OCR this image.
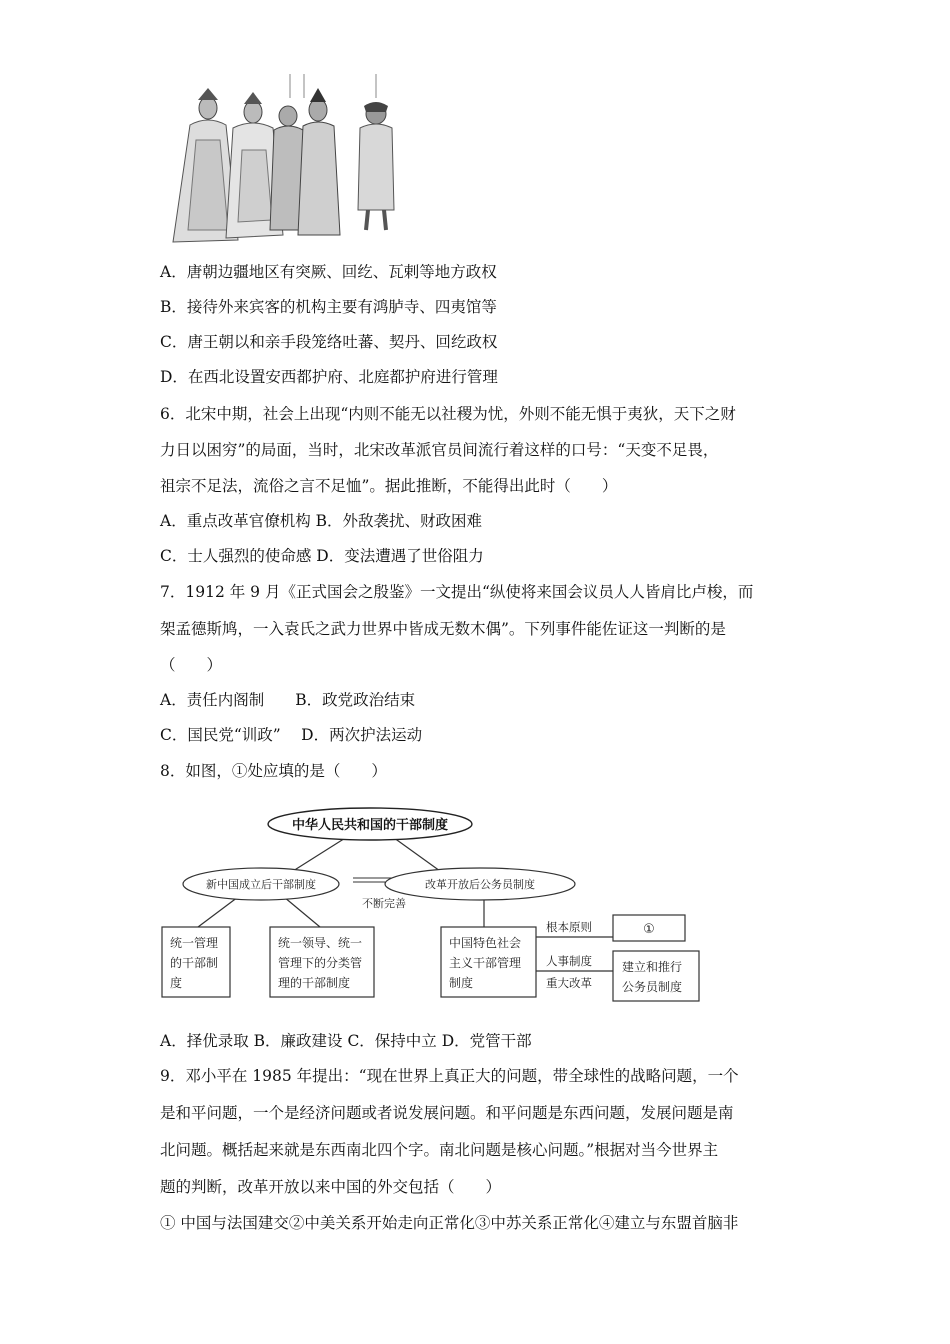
A．唐朝边疆地区有突厥、回纥、瓦剌等地方政权
B．接待外来宾客的机构主要有鸿胪寺、四夷馆等
C．唐王朝以和亲手段笼络吐蕃、契丹、回纥政权
D．在西北设置安西都护府、北庭都护府进行管理
6．北宋中期，社会上出现“内则不能无以社稷为忧，外则不能无惧于夷狄，天下之财
力日以困穷”的局面，当时，北宋改革派官员间流行着这样的口号：“天变不足畏，
祖宗不足法，流俗之言不足恤”。据此推断，不能得出此时（　　）
A．重点改革官僚机构 B．外敌袭扰、财政困难
C．士人强烈的使命感 D．变法遭遇了世俗阻力
7．1912 年 9 月《正式国会之殷鉴》一文提出“纵使将来国会议员人人皆肩比卢梭，而
架孟德斯鸠，一入袁氏之武力世界中皆成无数木偶”。下列事件能佐证这一判断的是
（　　）
A．责任内阁制　　B．政党政治结束
C．国民党“训政”　 D．两次护法运动
8．如图，①处应填的是（　　）
中华人民共和国的干部制度
新中国成立后干部制度	改革开放后公务员制度
不断完善
统一管理
的干部制
度
统一领导、统一
管理下的分类管
理的干部制度
中国特色社会
主义干部管理
制度
根本原则
人事制度
重大改革
①
建立和推行
公务员制度
A．择优录取 B．廉政建设 C．保持中立 D．党管干部
9．邓小平在 1985 年提出：“现在世界上真正大的问题，带全球性的战略问题，一个
是和平问题，一个是经济问题或者说发展问题。和平问题是东西问题，发展问题是南
北问题。概括起来就是东西南北四个字。南北问题是核心问题。”根据对当今世界主
题的判断，改革开放以来中国的外交包括（　　）
① 中国与法国建交②中美关系开始走向正常化③中苏关系正常化④建立与东盟首脑非
